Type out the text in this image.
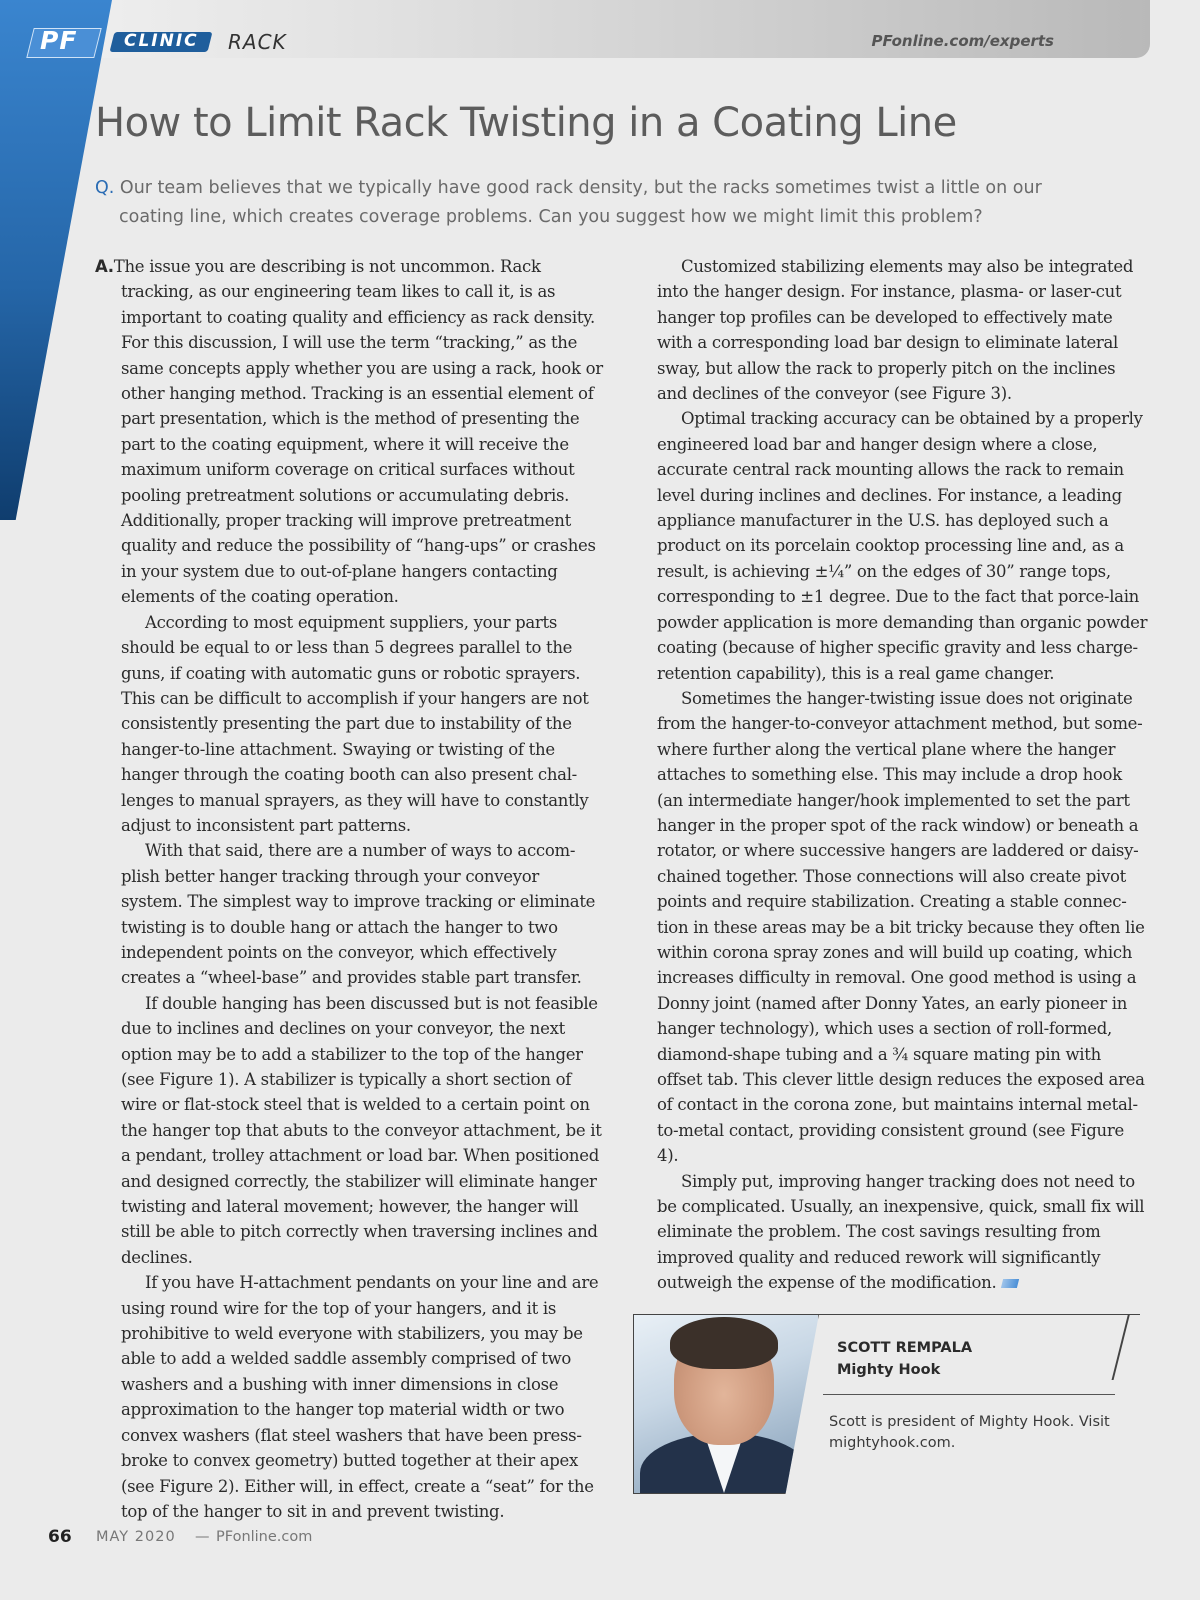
PF	CLINIC RACK	PFonline.com/experts
How to Limit Rack Twisting in a Coating Line
Q. Our team believes that we typically have good rack density, but the racks sometimes twist a little on our coating line, which creates coverage problems. Can you suggest how we might limit this problem?

A.The issue you are describing is not uncommon. Rack tracking, as our engineering team likes to call it, is as important to coating quality and efficiency as rack density. For this discussion, I will use the term “tracking,” as the same concepts apply whether you are using a rack, hook or other hanging method. Tracking is an essential element of part presentation, which is the method of presenting the part to the coating equipment, where it will receive the maximum uniform coverage on critical surfaces without pooling pretreatment solutions or accumulating debris. Additionally, proper tracking will improve pretreatment quality and reduce the possibility of “hang-ups” or crashes in your system due to out-of-plane hangers contacting elements of the coating operation.

According to most equipment suppliers, your parts should be equal to or less than 5 degrees parallel to the guns, if coating with automatic guns or robotic sprayers. This can be difficult to accomplish if your hangers are not consistently presenting the part due to instability of the hanger-to-line attachment. Swaying or twisting of the hanger through the coating booth can also present chal-lenges to manual sprayers, as they will have to constantly adjust to inconsistent part patterns.

With that said, there are a number of ways to accom-plish better hanger tracking through your conveyor system. The simplest way to improve tracking or eliminate twisting is to double hang or attach the hanger to two independent points on the conveyor, which effectively creates a “wheel-base” and provides stable part transfer.

If double hanging has been discussed but is not feasible due to inclines and declines on your conveyor, the next option may be to add a stabilizer to the top of the hanger (see Figure 1). A stabilizer is typically a short section of wire or flat-stock steel that is welded to a certain point on the hanger top that abuts to the conveyor attachment, be it a pendant, trolley attachment or load bar. When positioned and designed correctly, the stabilizer will eliminate hanger twisting and lateral movement; however, the hanger will still be able to pitch correctly when traversing inclines and declines.

If you have H-attachment pendants on your line and are using round wire for the top of your hangers, and it is prohibitive to weld everyone with stabilizers, you may be able to add a welded saddle assembly comprised of two washers and a bushing with inner dimensions in close approximation to the hanger top material width or two convex washers (flat steel washers that have been press-broke to convex geometry) butted together at their apex (see Figure 2). Either will, in effect, create a “seat” for the top of the hanger to sit in and prevent twisting.

Customized stabilizing elements may also be integrated into the hanger design. For instance, plasma- or laser-cut hanger top profiles can be developed to effectively mate with a corresponding load bar design to eliminate lateral sway, but allow the rack to properly pitch on the inclines and declines of the conveyor (see Figure 3).

Optimal tracking accuracy can be obtained by a properly engineered load bar and hanger design where a close, accurate central rack mounting allows the rack to remain level during inclines and declines. For instance, a leading appliance manufacturer in the U.S. has deployed such a product on its porcelain cooktop processing line and, as a result, is achieving ±¼” on the edges of 30” range tops, corresponding to ±1 degree. Due to the fact that porce-lain powder application is more demanding than organic powder coating (because of higher specific gravity and less charge-retention capability), this is a real game changer.

Sometimes the hanger-twisting issue does not originate from the hanger-to-conveyor attachment method, but some-where further along the vertical plane where the hanger attaches to something else. This may include a drop hook (an intermediate hanger/hook implemented to set the part hanger in the proper spot of the rack window) or beneath a rotator, or where successive hangers are laddered or daisy-chained together. Those connections will also create pivot points and require stabilization. Creating a stable connec-tion in these areas may be a bit tricky because they often lie within corona spray zones and will build up coating, which increases difficulty in removal. One good method is using a Donny joint (named after Donny Yates, an early pioneer in hanger technology), which uses a section of roll-formed, diamond-shape tubing and a ¾ square mating pin with offset tab. This clever little design reduces the exposed area of contact in the corona zone, but maintains internal metal-to-metal contact, providing consistent ground (see Figure 4).

Simply put, improving hanger tracking does not need to be complicated. Usually, an inexpensive, quick, small fix will eliminate the problem. The cost savings resulting from improved quality and reduced rework will significantly outweigh the expense of the modification.

SCOTT REMPALA
Mighty Hook
Scott is president of Mighty Hook. Visit mightyhook.com.
66 MAY 2020 — PFonline.com
